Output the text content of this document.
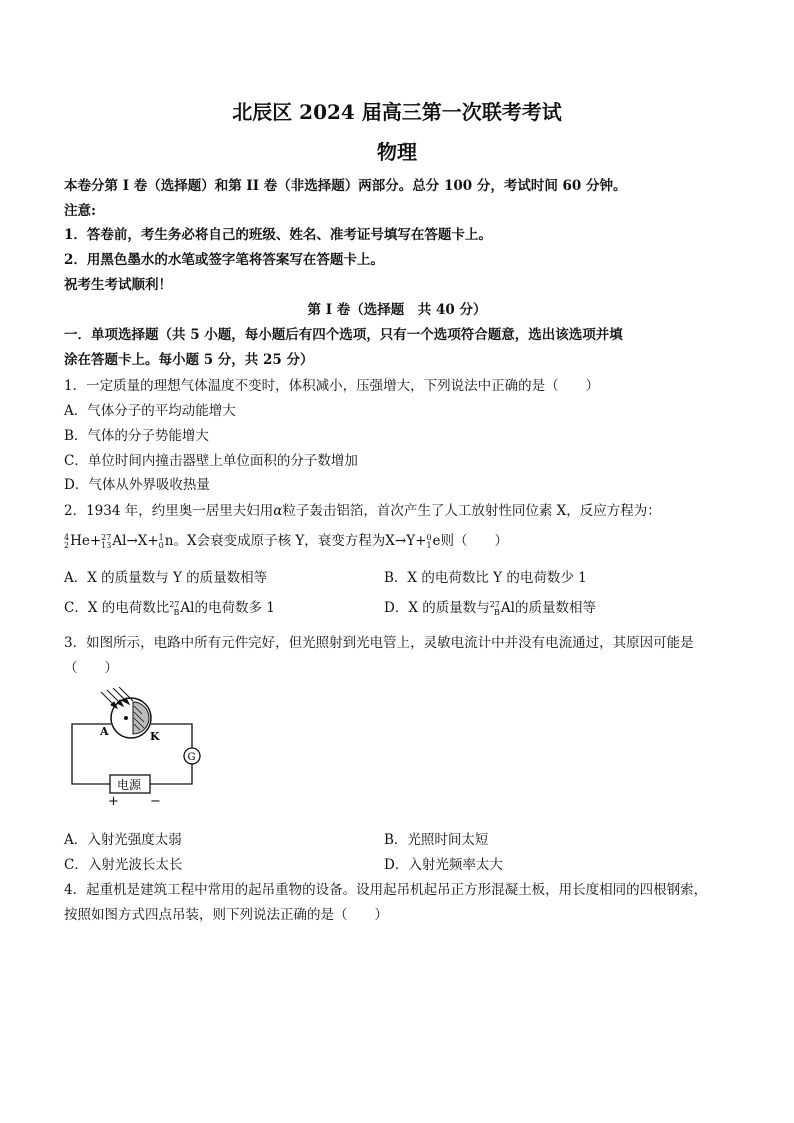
北辰区 2024 届高三第一次联考考试
物理
本卷分第 I 卷（选择题）和第 II 卷（非选择题）两部分。总分 100 分，考试时间 60 分钟。
注意:
1．答卷前，考生务必将自己的班级、姓名、准考证号填写在答题卡上。
2．用黑色墨水的水笔或签字笔将答案写在答题卡上。
祝考生考试顺利！
第 I 卷（选择题　共 40 分）
一．单项选择题（共 5 小题，每小题后有四个选项，只有一个选项符合题意，选出该选项并填
涂在答题卡上。每小题 5 分，共 25 分）
1．一定质量的理想气体温度不变时，体积减小，压强增大，下列说法中正确的是（　　）
A．气体分子的平均动能增大
B．气体的分子势能增大
C．单位时间内撞击器壁上单位面积的分子数增加
D．气体从外界吸收热量
2．1934 年，约里奥一居里夫妇用α粒子轰击铝箔，首次产生了人工放射性同位素 X，反应方程为：
4
2 He+ 27
13 Al→X+ 1
0 n。X会衰变成原子核 Y，衰变方程为X→Y+ 0
1 e则（　　）
A．X 的质量数与 Y 的质量数相等	B．X 的电荷数比 Y 的电荷数少 1
C．X 的电荷数比 27
B Al的电荷数多 1	D．X 的质量数与 27
B Al的质量数相等
3．如图所示，电路中所有元件完好，但光照射到光电管上，灵敏电流计中并没有电流通过，其原因可能是
（　　）
A	K
G
电源
+ −
A．入射光强度太弱	B．光照时间太短
C．入射光波长太长	D．入射光频率太大
4．起重机是建筑工程中常用的起吊重物的设备。设用起吊机起吊正方形混凝土板，用长度相同的四根钢索，
按照如图方式四点吊装，则下列说法正确的是（　　）
